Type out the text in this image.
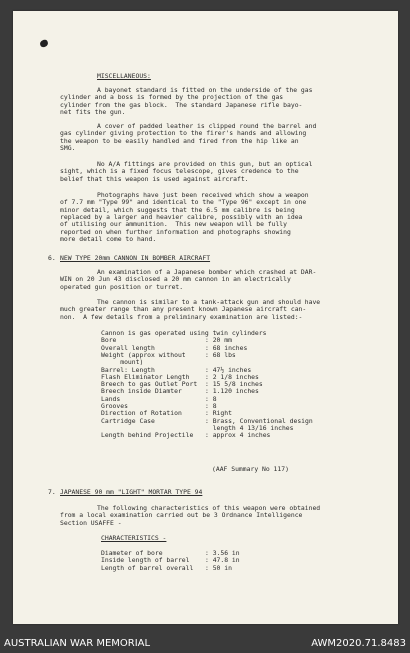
MISCELLANEOUS:
A bayonet standard is fitted on the underside of the gas
cylinder and a boss is formed by the projection of the gas
cylinder from the gas block.  The standard Japanese rifle bayo-
net fits the gun.
A cover of padded leather is clipped round the barrel and
gas cylinder giving protection to the firer's hands and allowing
the weapon to be easily handled and fired from the hip like an
SMG.
No A/A fittings are provided on this gun, but an optical
sight, which is a fixed focus telescope, gives credence to the
belief that this weapon is used against aircraft.
Photographs have just been received which show a weapon
of 7.7 mm "Type 99" and identical to the "Type 96" except in one
minor detail, which suggests that the 6.5 mm calibre is being
replaced by a larger and heavier calibre, possibly with an idea
of utilising our ammunition.  This new weapon will be fully
reported on when further information and photographs showing
more detail come to hand.
6. NEW TYPE 20mm CANNON IN BOMBER AIRCRAFT
An examination of a Japanese bomber which crashed at DAR-
WIN on 20 Jun 43 disclosed a 20 mm cannon in an electrically
operated gun position or turret.
The cannon is similar to a tank-attack gun and should have
much greater range than any present known Japanese aircraft can-
non.  A few details from a preliminary examination are listed:-
Cannon is gas operated using twin cylinders
Bore	: 20 mm
Overall length	: 68 inches
Weight (approx without	: 68 lbs
mount)
Barrel: Length	: 47½ inches
Flash Eliminator Length : 2 1/8 inches
Breech to gas Outlet Port : 15 5/8 inches
Breech inside Diamter	: 1.120 inches
Lands	: 8
Grooves	: 8
Direction of Rotation	: Right
Cartridge Case	: Brass, Conventional design
length 4 13/16 inches
Length behind Projectile : approx 4 inches
(AAF Summary No 117)
7. JAPANESE 90 mm "LIGHT" MORTAR TYPE 94
The following characteristics of this weapon were obtained
from a local examination carried out be 3 Ordnance Intelligence
Section USAFFE -
CHARACTERISTICS -
Diameter of bore	: 3.56 in
Inside length of barrel : 47.8 in
Length of barrel overall : 50 in
AUSTRALIAN WAR MEMORIAL	AWM2020.71.8483
